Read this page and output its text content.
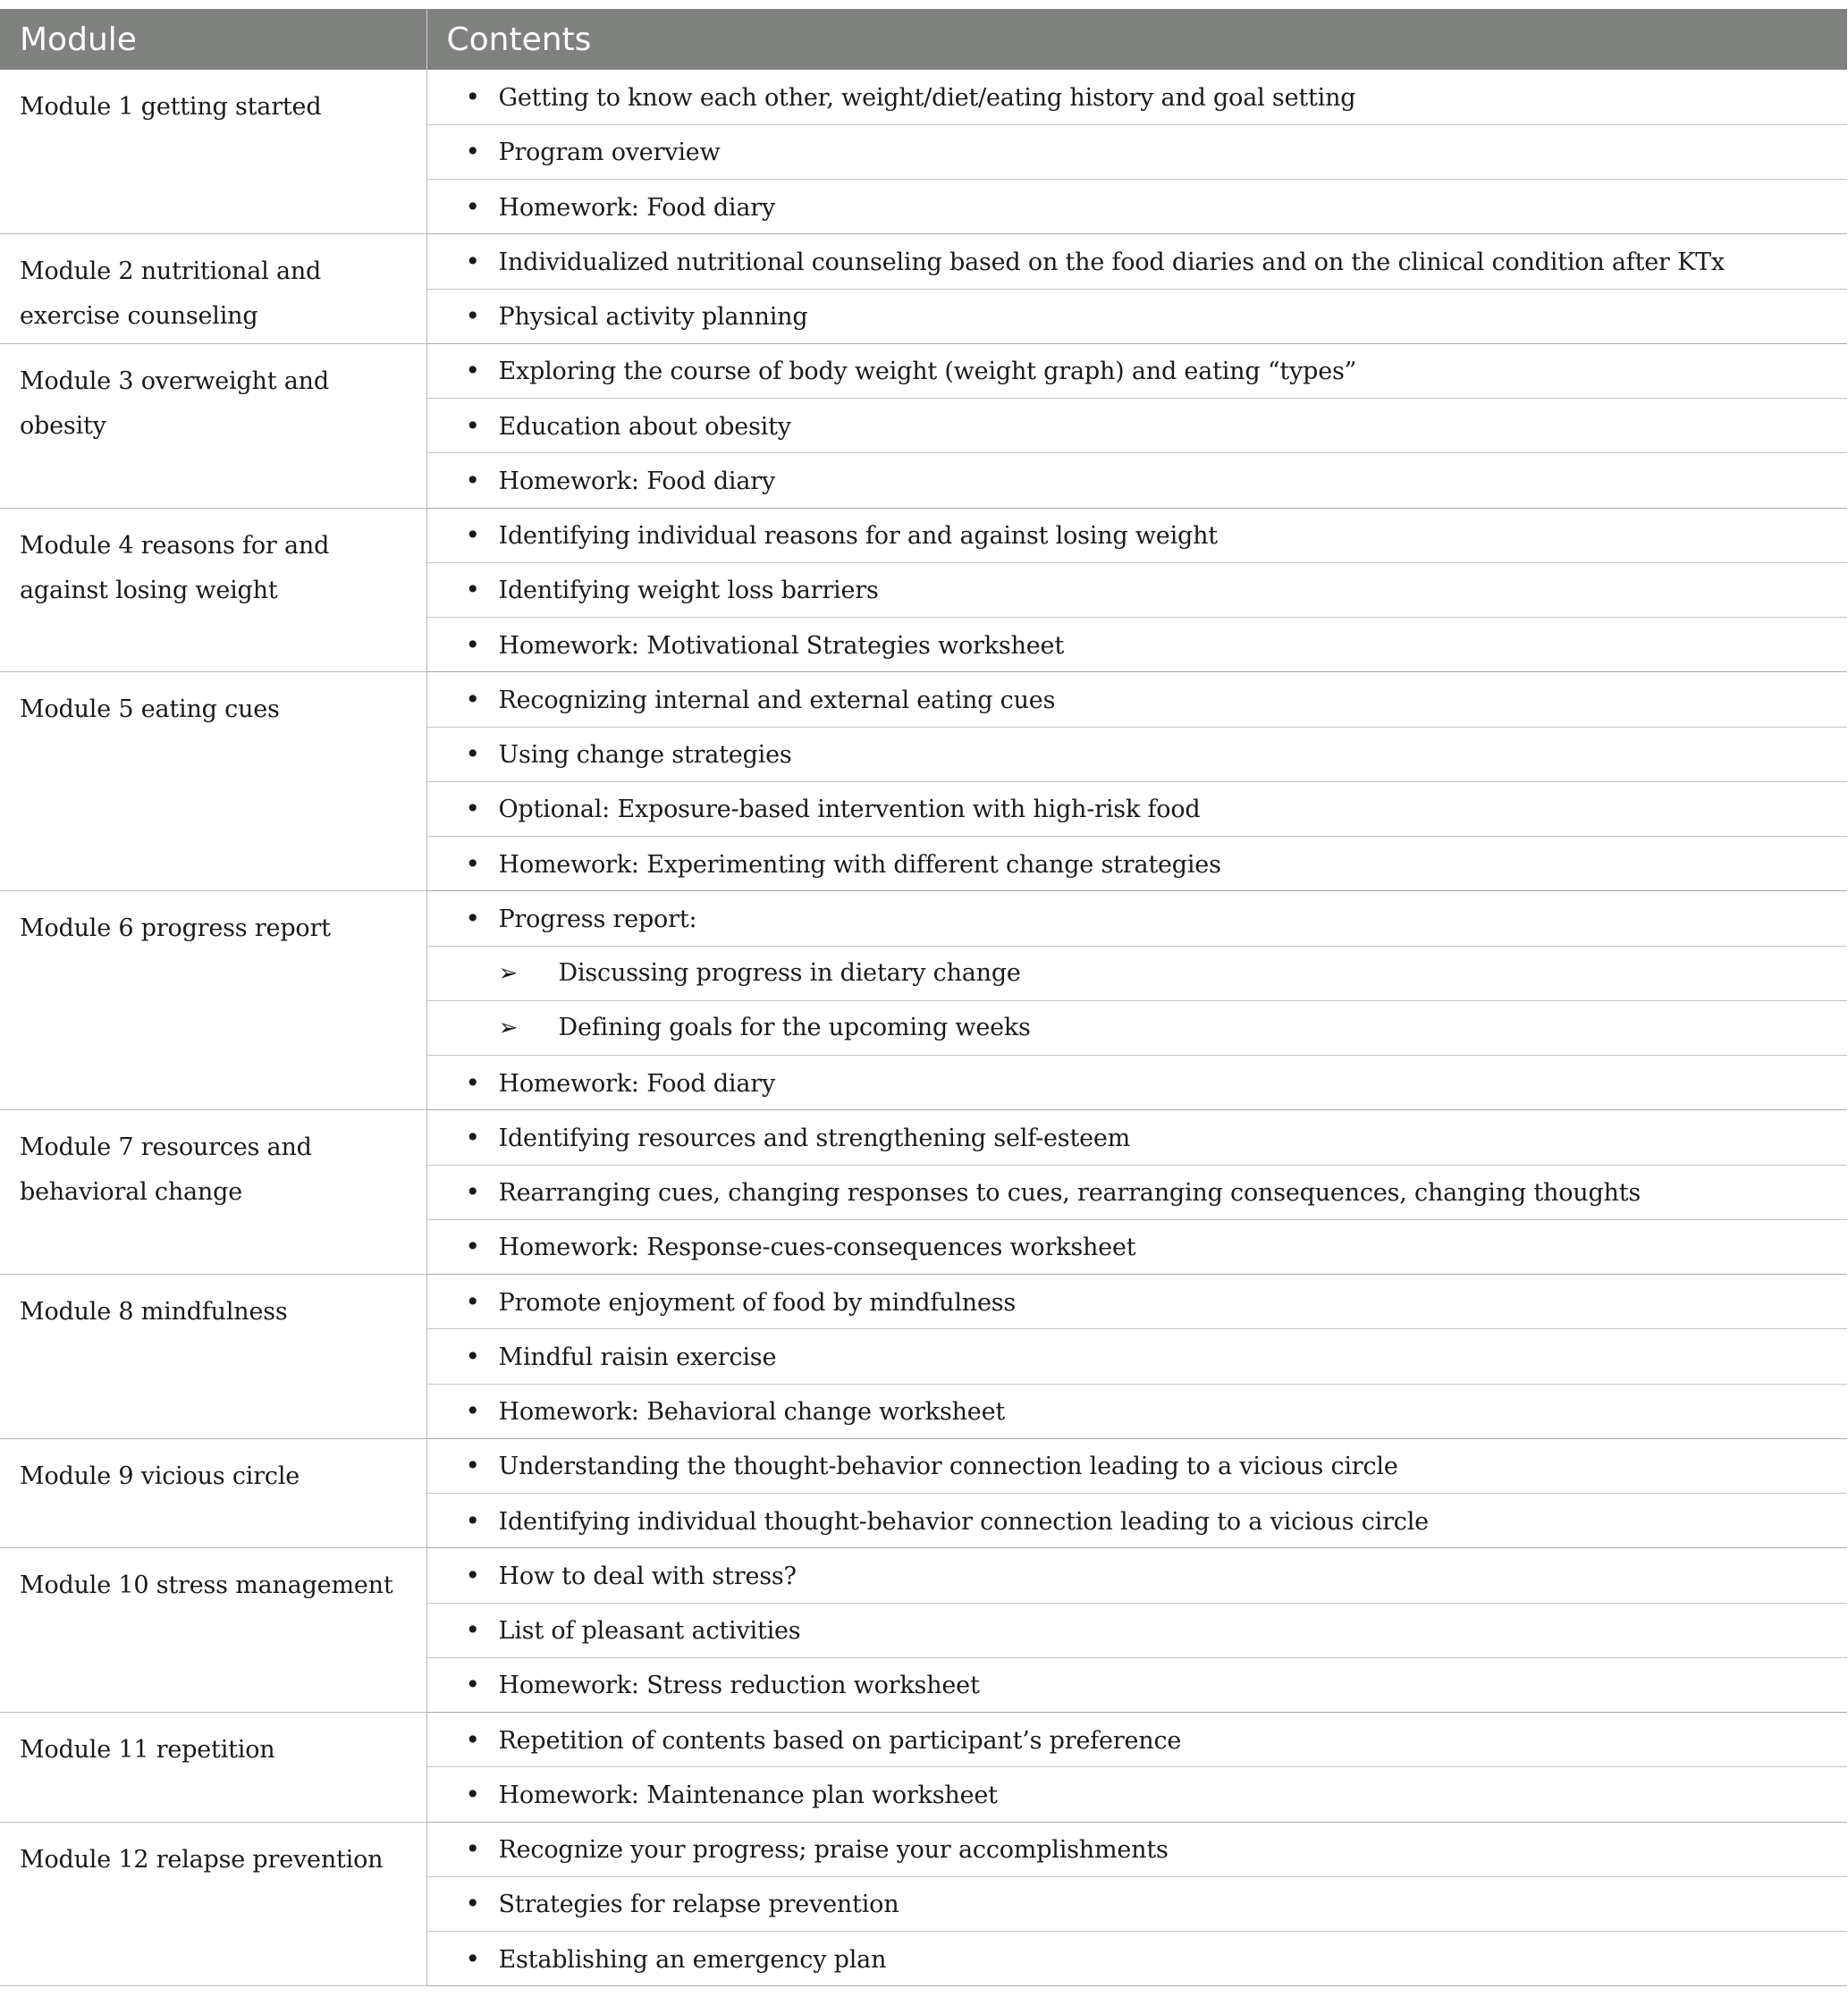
Module	Contents
Module 1 getting started	• Getting to know each other, weight/diet/eating history and goal setting
	• Program overview
	• Homework: Food diary
Module 2 nutritional and exercise counseling	• Individualized nutritional counseling based on the food diaries and on the clinical condition after KTx
	• Physical activity planning
Module 3 overweight and obesity	• Exploring the course of body weight (weight graph) and eating “types”
	• Education about obesity
	• Homework: Food diary
Module 4 reasons for and against losing weight	• Identifying individual reasons for and against losing weight
	• Identifying weight loss barriers
	• Homework: Motivational Strategies worksheet
Module 5 eating cues	• Recognizing internal and external eating cues
	• Using change strategies
	• Optional: Exposure-based intervention with high-risk food
	• Homework: Experimenting with different change strategies
Module 6 progress report	• Progress report:
	➢ Discussing progress in dietary change
	➢ Defining goals for the upcoming weeks
	• Homework: Food diary
Module 7 resources and behavioral change	• Identifying resources and strengthening self-esteem
	• Rearranging cues, changing responses to cues, rearranging consequences, changing thoughts
	• Homework: Response-cues-consequences worksheet
Module 8 mindfulness	• Promote enjoyment of food by mindfulness
	• Mindful raisin exercise
	• Homework: Behavioral change worksheet
Module 9 vicious circle	• Understanding the thought-behavior connection leading to a vicious circle
	• Identifying individual thought-behavior connection leading to a vicious circle
Module 10 stress management	• How to deal with stress?
	• List of pleasant activities
	• Homework: Stress reduction worksheet
Module 11 repetition	• Repetition of contents based on participant’s preference
	• Homework: Maintenance plan worksheet
Module 12 relapse prevention	• Recognize your progress; praise your accomplishments
	• Strategies for relapse prevention
	• Establishing an emergency plan
